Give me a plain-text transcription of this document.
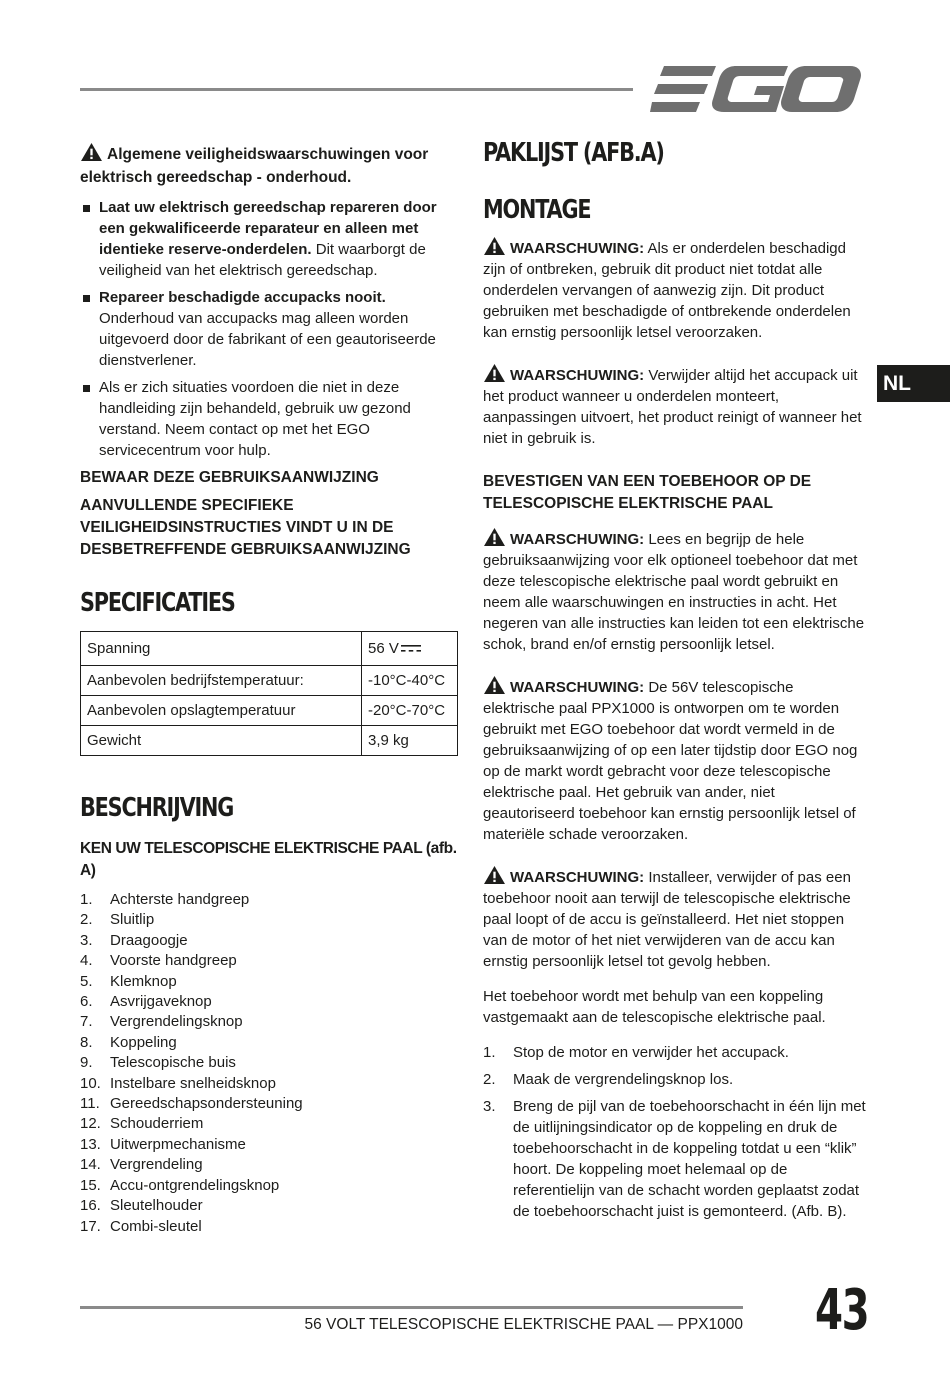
NL

Algemene veiligheidswaarschuwingen voor elektrisch gereedschap - onderhoud.

Laat uw elektrisch gereedschap repareren door een gekwalificeerde reparateur en alleen met identieke reserve-onderdelen. Dit waarborgt de veiligheid van het elektrisch gereedschap.
Repareer beschadigde accupacks nooit. Onderhoud van accupacks mag alleen worden uitgevoerd door de fabrikant of een geautoriseerde dienstverlener.
Als er zich situaties voordoen die niet in deze handleiding zijn behandeld, gebruik uw gezond verstand. Neem contact op met het EGO servicecentrum voor hulp.

BEWAAR DEZE GEBRUIKSAANWIJZING

AANVULLENDE SPECIFIEKE VEILIGHEIDSINSTRUCTIES VINDT U IN DE DESBETREFFENDE GEBRUIKSAANWIJZING

SPECIFICATIES
Spanning	56 V
Aanbevolen bedrijfstemperatuur:	-10°C-40°C
Aanbevolen opslagtemperatuur	-20°C-70°C
Gewicht	3,9 kg
BESCHRIJVING

KEN UW TELESCOPISCHE ELEKTRISCHE PAAL (afb. A)

1.	Achterste handgreep
2.	Sluitlip
3.	Draagoogje
4.	Voorste handgreep
5.	Klemknop
6.	Asvrijgaveknop
7.	Vergrendelingsknop
8.	Koppeling
9.	Telescopische buis
10. Instelbare snelheidsknop
11. Gereedschapsondersteuning
12. Schouderriem
13. Uitwerpmechanisme
14. Vergrendeling
15. Accu-ontgrendelingsknop
16. Sleutelhouder
17. Combi-sleutel
PAKLIJST (AFB.A)
MONTAGE

WAARSCHUWING: Als er onderdelen beschadigd zijn of ontbreken, gebruik dit product niet totdat alle onderdelen vervangen of aanwezig zijn. Dit product gebruiken met beschadigde of ontbrekende onderdelen kan ernstig persoonlijk letsel veroorzaken.

WAARSCHUWING: Verwijder altijd het accupack uit het product wanneer u onderdelen monteert, aanpassingen uitvoert, het product reinigt of wanneer het niet in gebruik is.

BEVESTIGEN VAN EEN TOEBEHOOR OP DE TELESCOPISCHE ELEKTRISCHE PAAL

WAARSCHUWING: Lees en begrijp de hele gebruiksaanwijzing voor elk optioneel toebehoor dat met deze telescopische elektrische paal wordt gebruikt en neem alle waarschuwingen en instructies in acht. Het negeren van alle instructies kan leiden tot een elektrische schok, brand en/of ernstig persoonlijk letsel.

WAARSCHUWING: De 56V telescopische elektrische paal PPX1000 is ontworpen om te worden gebruikt met EGO toebehoor dat wordt vermeld in de gebruiksaanwijzing of op een later tijdstip door EGO nog op de markt wordt gebracht voor deze telescopische elektrische paal. Het gebruik van ander, niet geautoriseerd toebehoor kan ernstig persoonlijk letsel of materiële schade veroorzaken.

WAARSCHUWING: Installeer, verwijder of pas een toebehoor nooit aan terwijl de telescopische elektrische paal loopt of de accu is geïnstalleerd. Het niet stoppen van de motor of het niet verwijderen van de accu kan ernstig persoonlijk letsel tot gevolg hebben.

Het toebehoor wordt met behulp van een koppeling vastgemaakt aan de telescopische elektrische paal.

1.	Stop de motor en verwijder het accupack.
2.	Maak de vergrendelingsknop los.
3.	Breng de pijl van de toebehoorschacht in één lijn met de uitlijningsindicator op de koppeling en druk de toebehoorschacht in de koppeling totdat u een “klik” hoort. De koppeling moet helemaal op de referentielijn van de schacht worden geplaatst zodat de toebehoorschacht juist is gemonteerd. (Afb. B).
56 VOLT TELESCOPISCHE ELEKTRISCHE PAAL — PPX1000 43
